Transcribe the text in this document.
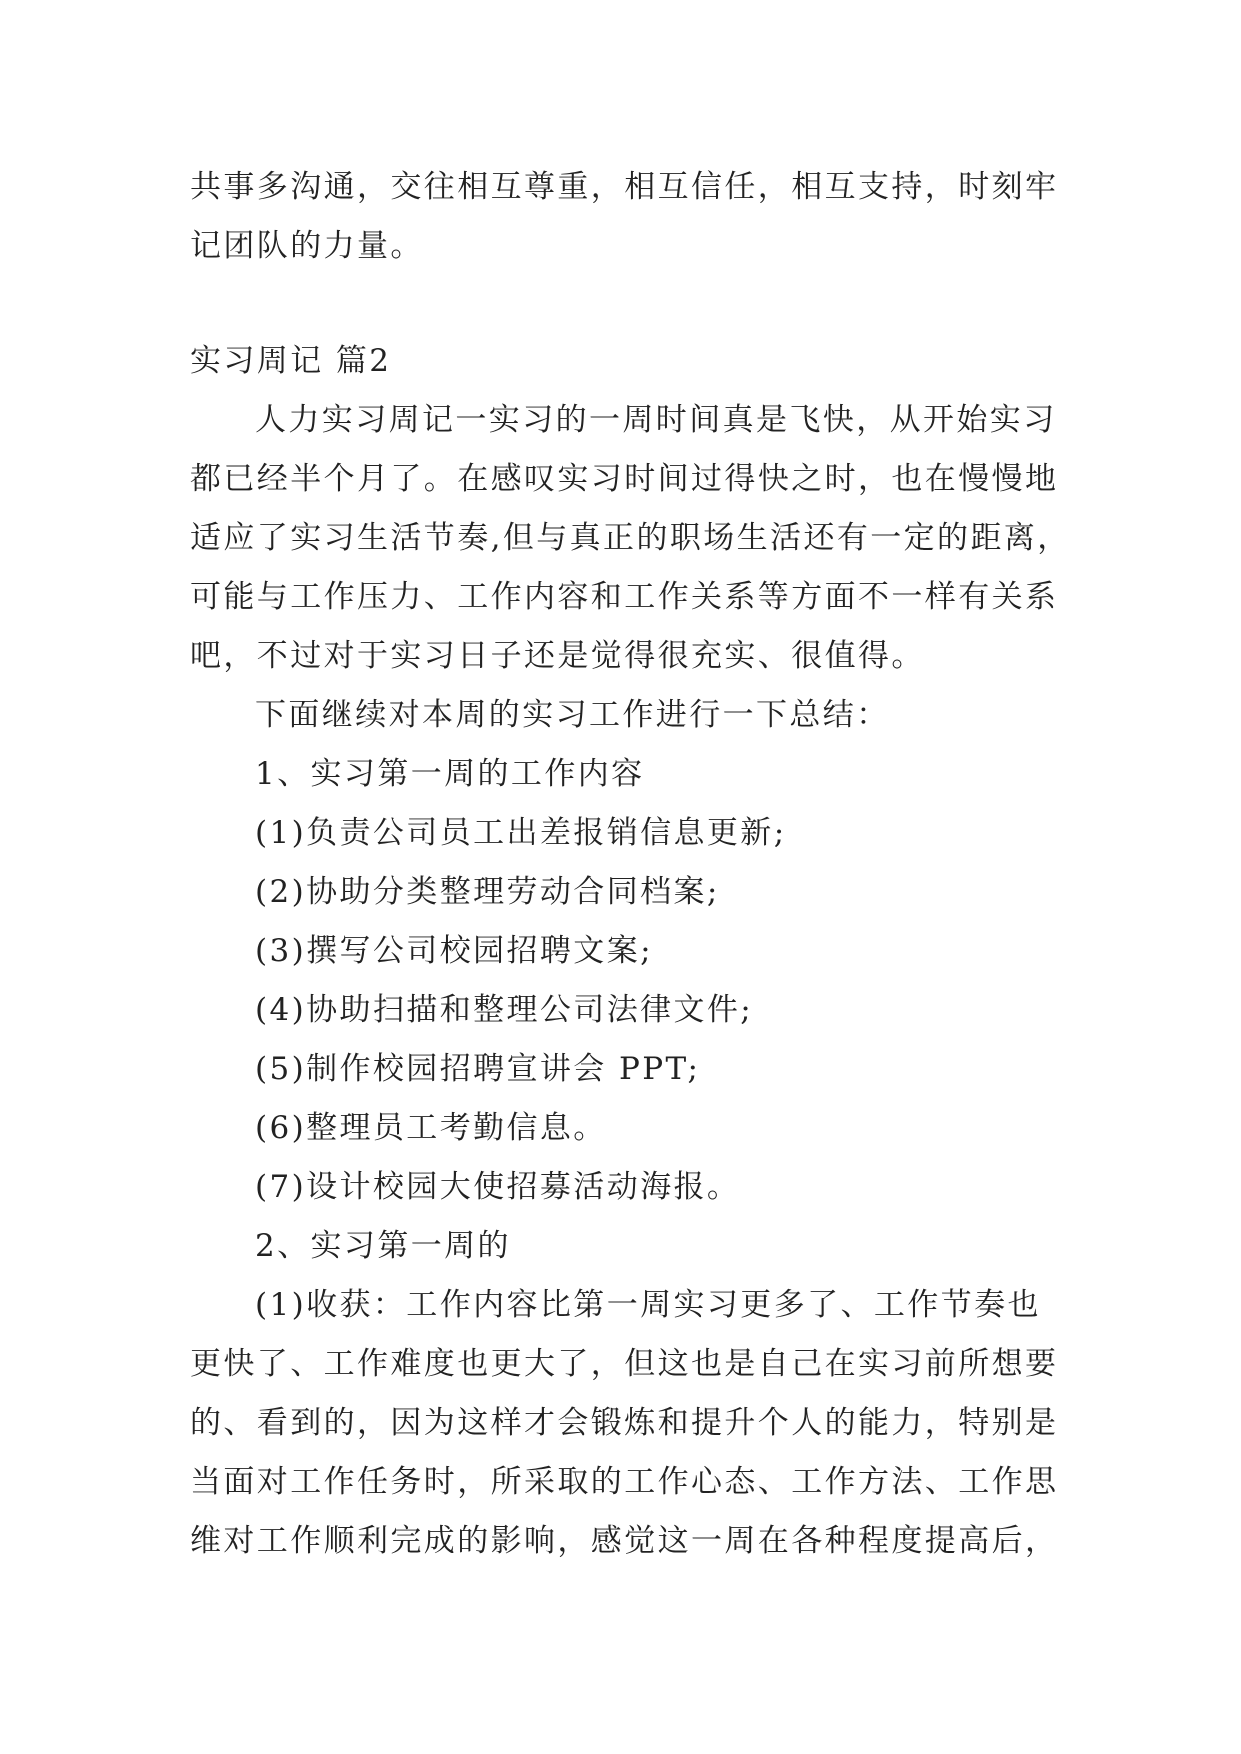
共事多沟通，交往相互尊重，相互信任，相互支持，时刻牢
记团队的力量。
实习周记 篇2
人力实习周记一实习的一周时间真是飞快，从开始实习
都已经半个月了。在感叹实习时间过得快之时，也在慢慢地
适应了实习生活节奏,但与真正的职场生活还有一定的距离，
可能与工作压力、工作内容和工作关系等方面不一样有关系
吧，不过对于实习日子还是觉得很充实、很值得。
下面继续对本周的实习工作进行一下总结：
1、实习第一周的工作内容
(1)负责公司员工出差报销信息更新;
(2)协助分类整理劳动合同档案;
(3)撰写公司校园招聘文案;
(4)协助扫描和整理公司法律文件;
(5)制作校园招聘宣讲会 PPT;
(6)整理员工考勤信息。
(7)设计校园大使招募活动海报。
2、实习第一周的
(1)收获：工作内容比第一周实习更多了、工作节奏也
更快了、工作难度也更大了，但这也是自己在实习前所想要
的、看到的，因为这样才会锻炼和提升个人的能力，特别是
当面对工作任务时，所采取的工作心态、工作方法、工作思
维对工作顺利完成的影响，感觉这一周在各种程度提高后，
